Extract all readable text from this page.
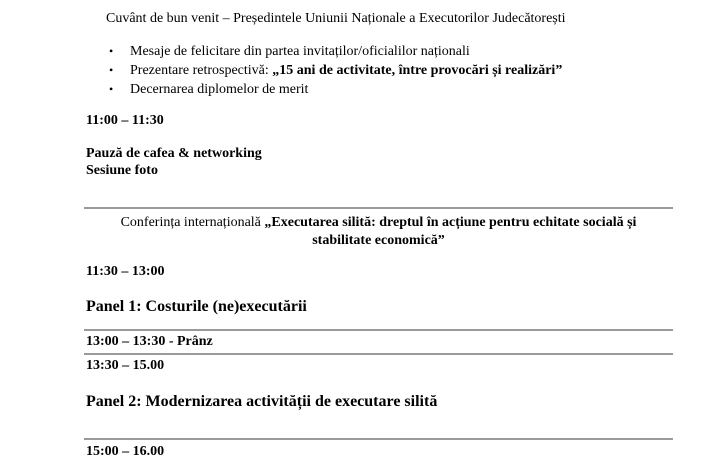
Cuvânt de bun venit – Președintele Uniunii Naționale a Executorilor Judecătorești
• Mesaje de felicitare din partea invitaților/oficialilor naționali
• Prezentare retrospectivă: „15 ani de activitate, între provocări și realizări”
• Decernarea diplomelor de merit
11:00 – 11:30
Pauză de cafea & networking
Sesiune foto
Conferința internațională „Executarea silită: dreptul în acțiune pentru echitate socială și
stabilitate economică”
11:30 – 13:00
Panel 1: Costurile (ne)executării
13:00 – 13:30 - Prânz
13:30 – 15.00
Panel 2: Modernizarea activității de executare silită
15:00 – 16.00
